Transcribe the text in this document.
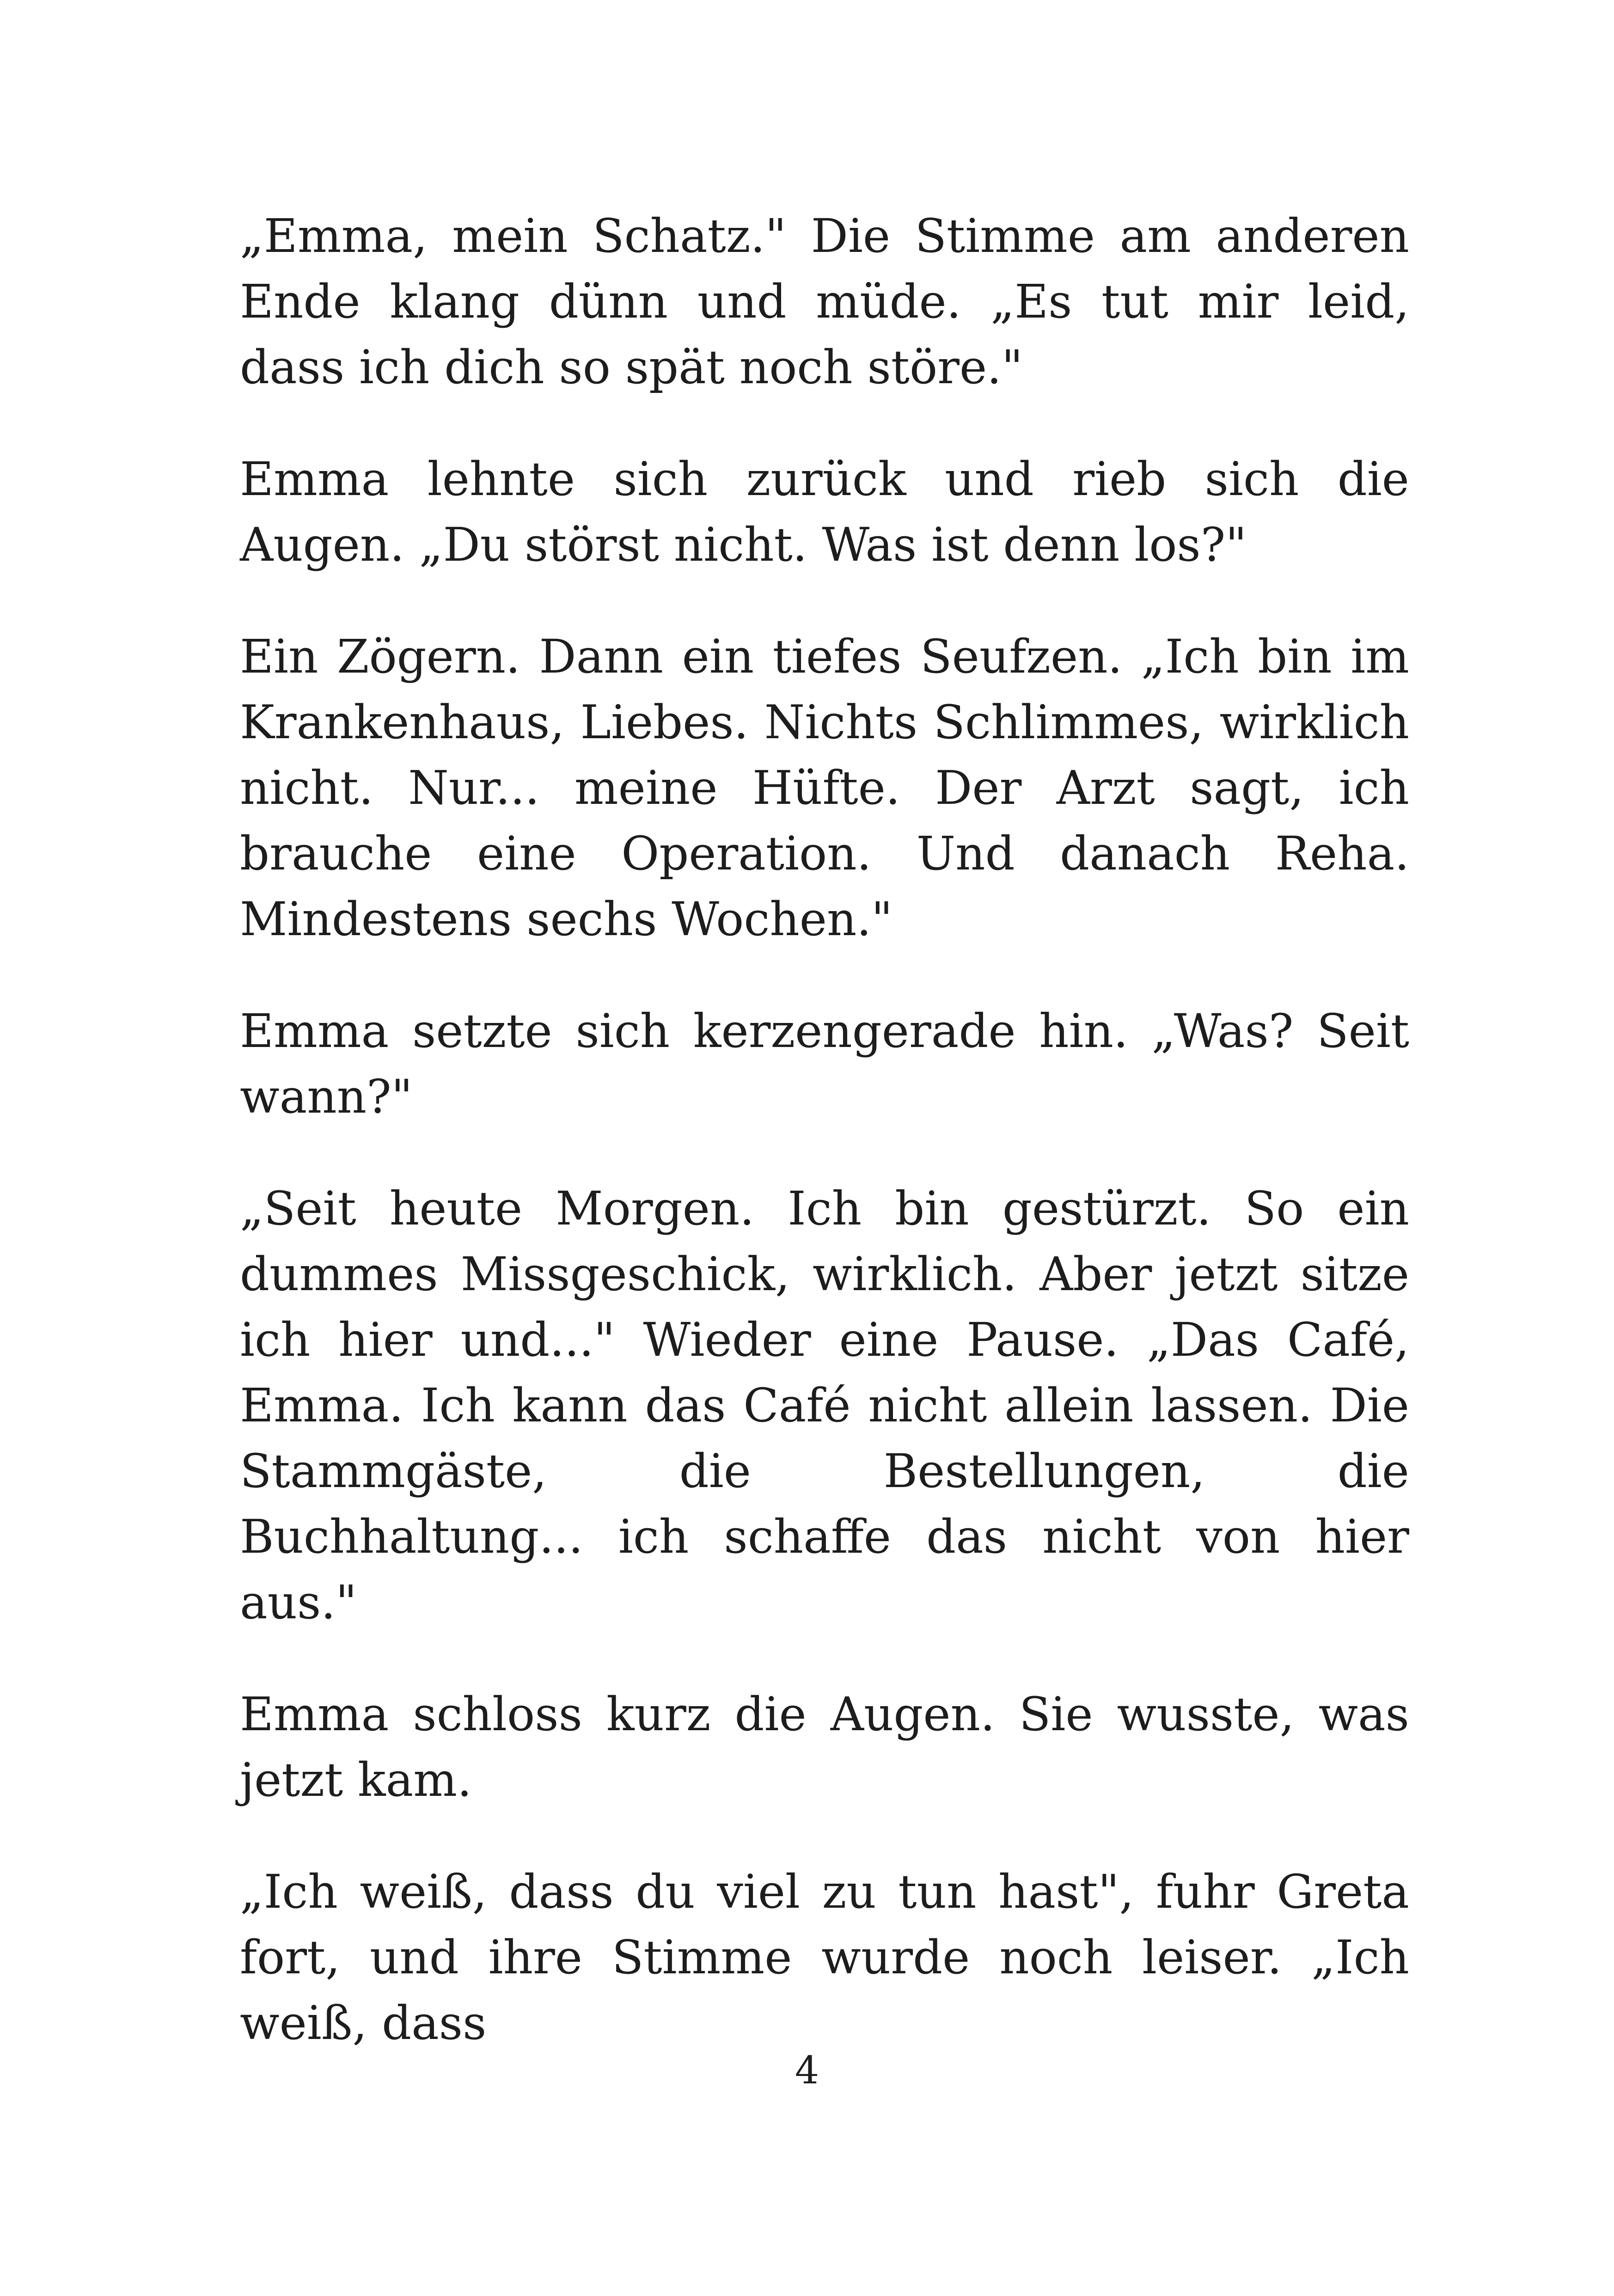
„Emma, mein Schatz." Die Stimme am anderen Ende klang dünn und müde. „Es tut mir leid, dass ich dich so spät noch störe."

Emma lehnte sich zurück und rieb sich die Augen. „Du störst nicht. Was ist denn los?"

Ein Zögern. Dann ein tiefes Seufzen. „Ich bin im Krankenhaus, Liebes. Nichts Schlimmes, wirklich nicht. Nur... meine Hüfte. Der Arzt sagt, ich brauche eine Operation. Und danach Reha. Mindestens sechs Wochen."

Emma setzte sich kerzengerade hin. „Was? Seit wann?"

„Seit heute Morgen. Ich bin gestürzt. So ein dummes Missgeschick, wirklich. Aber jetzt sitze ich hier und..." Wieder eine Pause. „Das Café, Emma. Ich kann das Café nicht allein lassen. Die Stammgäste, die Bestellungen, die Buchhaltung... ich schaffe das nicht von hier aus."

Emma schloss kurz die Augen. Sie wusste, was jetzt kam.

„Ich weiß, dass du viel zu tun hast", fuhr Greta fort, und ihre Stimme wurde noch leiser. „Ich weiß, dass

4
